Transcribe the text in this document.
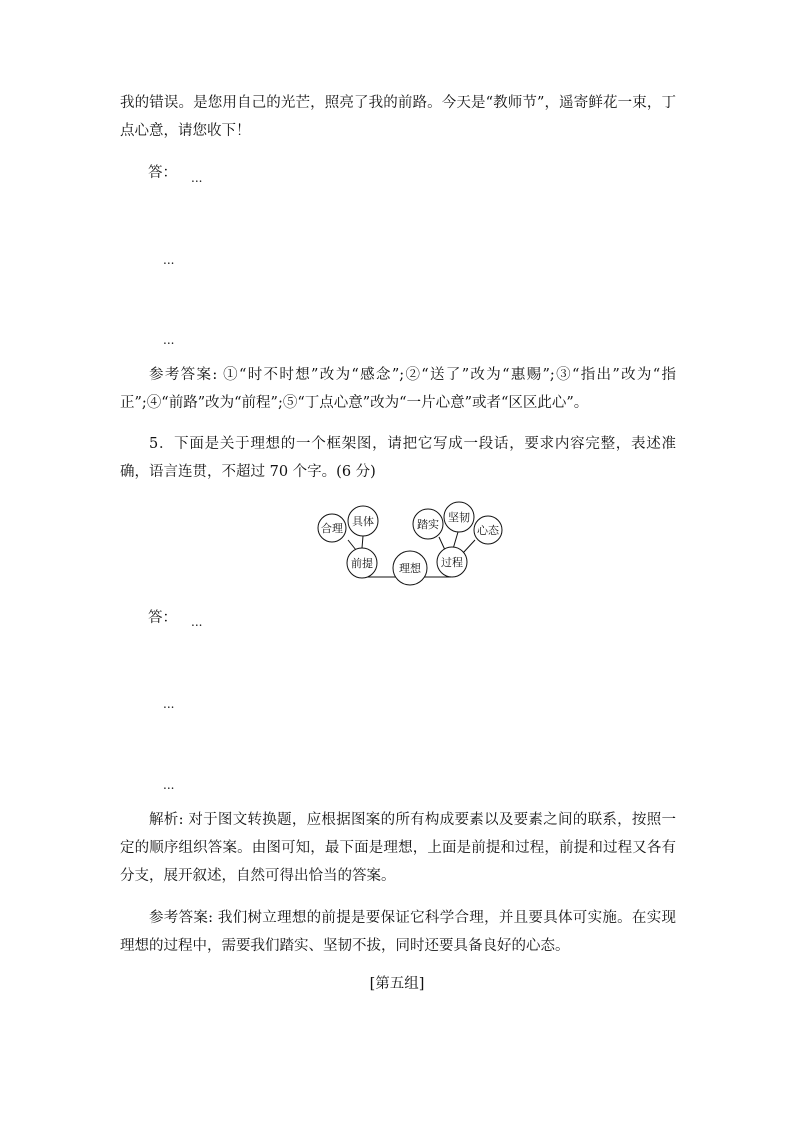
我的错误。是您用自己的光芒，照亮了我的前路。今天是“教师节”，遥寄鲜花一束，丁点心意，请您收下！

答： ...
...
...

参考答案: ①“时不时想”改为“感念”;②“送了”改为“惠赐”;③“指出”改为“指正”;④“前路”改为“前程”;⑤“丁点心意”改为“一片心意”或者“区区此心”。

5．下面是关于理想的一个框架图，请把它写成一段话，要求内容完整，表述准确，语言连贯，不超过 70 个字。(6 分)

合理
具体
前提 理想
踏实
坚韧
心态
过程
答： ...
...
...

解析: 对于图文转换题，应根据图案的所有构成要素以及要素之间的联系，按照一定的顺序组织答案。由图可知，最下面是理想，上面是前提和过程，前提和过程又各有分支，展开叙述，自然可得出恰当的答案。

参考答案: 我们树立理想的前提是要保证它科学合理，并且要具体可实施。在实现理想的过程中，需要我们踏实、坚韧不拔，同时还要具备良好的心态。

[第五组]
